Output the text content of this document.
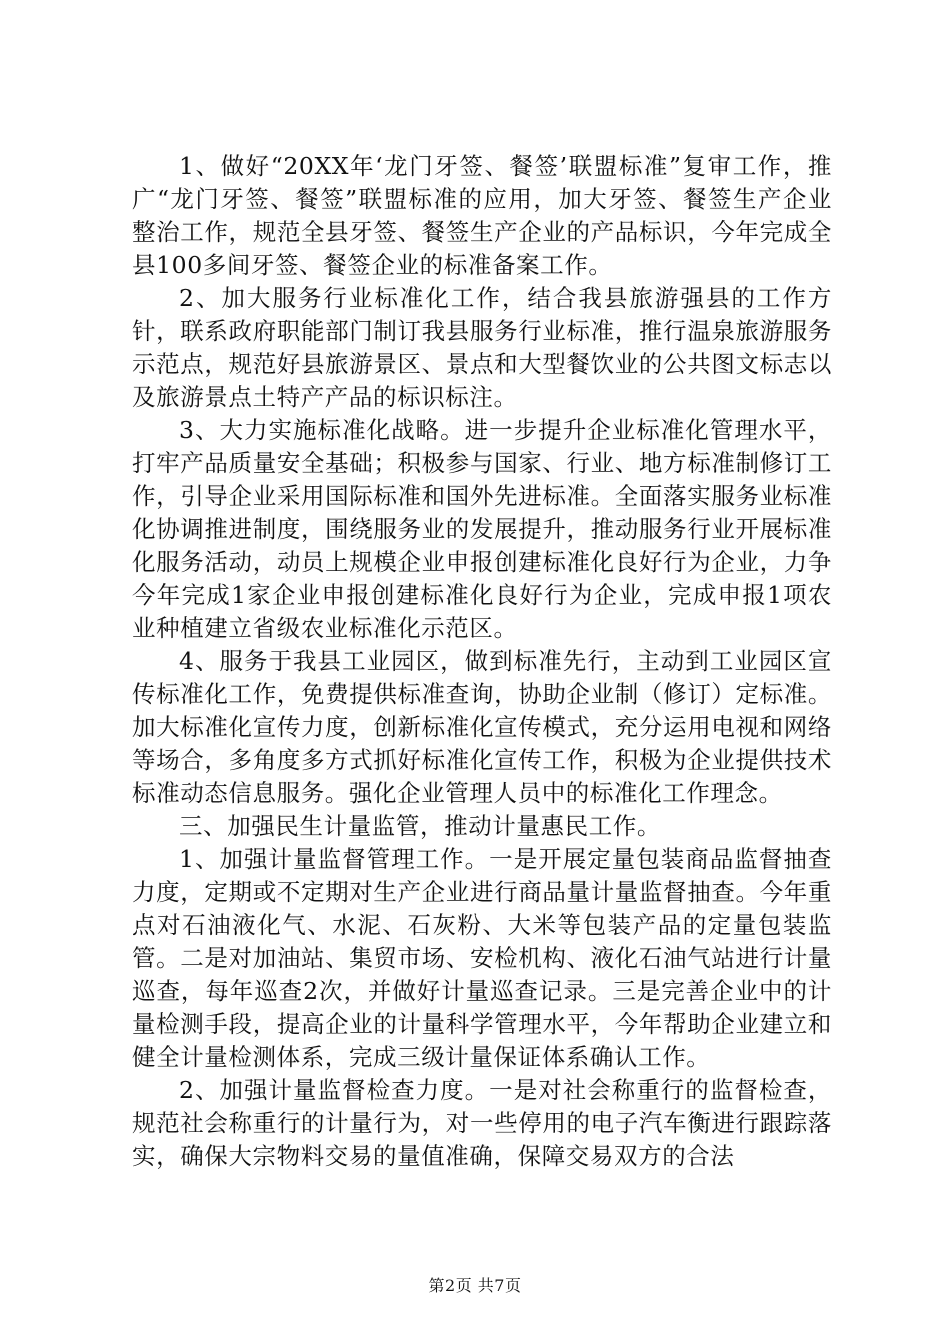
1、做好“20XX年‘龙门牙签、餐签’联盟标准”复审工作，推广“龙门牙签、餐签”联盟标准的应用，加大牙签、餐签生产企业整治工作，规范全县牙签、餐签生产企业的产品标识，今年完成全县100多间牙签、餐签企业的标准备案工作。

2、加大服务行业标准化工作，结合我县旅游强县的工作方针，联系政府职能部门制订我县服务行业标准，推行温泉旅游服务示范点，规范好县旅游景区、景点和大型餐饮业的公共图文标志以及旅游景点土特产产品的标识标注。

3、大力实施标准化战略。进一步提升企业标准化管理水平，打牢产品质量安全基础；积极参与国家、行业、地方标准制修订工作，引导企业采用国际标准和国外先进标准。全面落实服务业标准化协调推进制度，围绕服务业的发展提升，推动服务行业开展标准化服务活动，动员上规模企业申报创建标准化良好行为企业，力争今年完成1家企业申报创建标准化良好行为企业，完成申报1项农业种植建立省级农业标准化示范区。

4、服务于我县工业园区，做到标准先行，主动到工业园区宣传标准化工作，免费提供标准查询，协助企业制（修订）定标准。加大标准化宣传力度，创新标准化宣传模式，充分运用电视和网络等场合，多角度多方式抓好标准化宣传工作，积极为企业提供技术标准动态信息服务。强化企业管理人员中的标准化工作理念。

三、加强民生计量监管，推动计量惠民工作。

1、加强计量监督管理工作。一是开展定量包装商品监督抽查力度，定期或不定期对生产企业进行商品量计量监督抽查。今年重点对石油液化气、水泥、石灰粉、大米等包装产品的定量包装监管。二是对加油站、集贸市场、安检机构、液化石油气站进行计量巡查，每年巡查2次，并做好计量巡查记录。三是完善企业中的计量检测手段，提高企业的计量科学管理水平，今年帮助企业建立和健全计量检测体系，完成三级计量保证体系确认工作。

2、加强计量监督检查力度。一是对社会称重行的监督检查，规范社会称重行的计量行为，对一些停用的电子汽车衡进行跟踪落实，确保大宗物料交易的量值准确，保障交易双方的合法

第2页 共7页
